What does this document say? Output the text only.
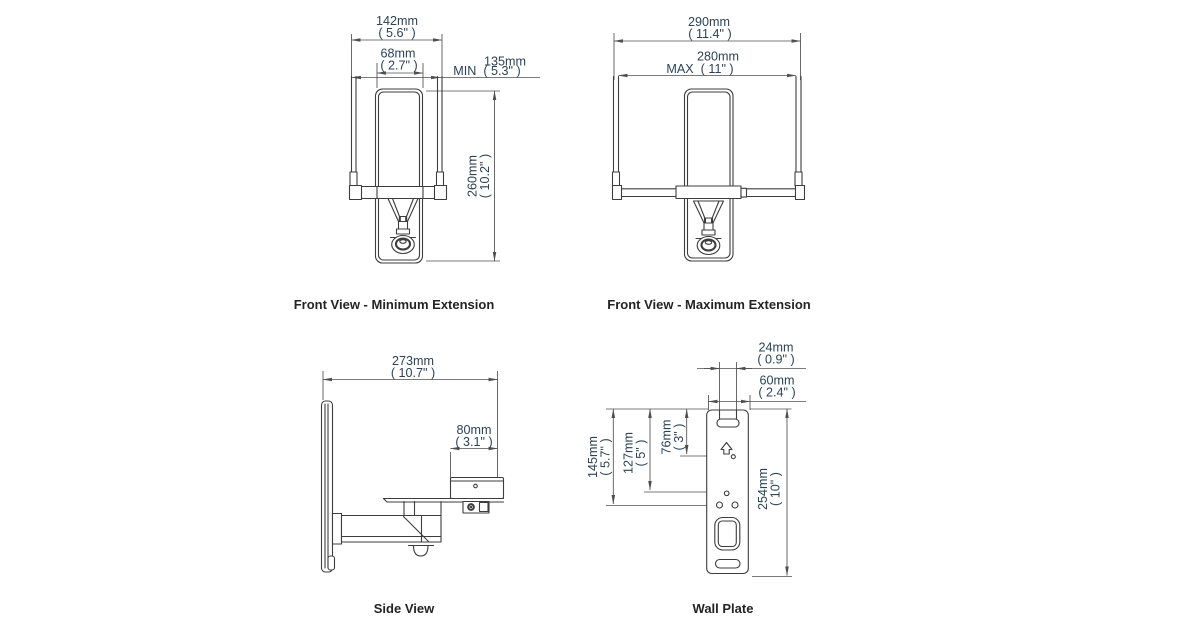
142mm
( 5.6" )
68mm
( 2.7" )	135mm
MIN  ( 5.3" )
260mm
( 10.2" )
Front View - Minimum Extension
290mm
( 11.4" )
280mm
MAX  ( 11" )
Front View - Maximum Extension
273mm
( 10.7" )
80mm
( 3.1" )
Side View
24mm
( 0.9" )
60mm
( 2.4" )
145mm
( 5.7" ) 127mm
( 5" ) 76mm
( 3" )
254mm
( 10" )
Wall Plate
